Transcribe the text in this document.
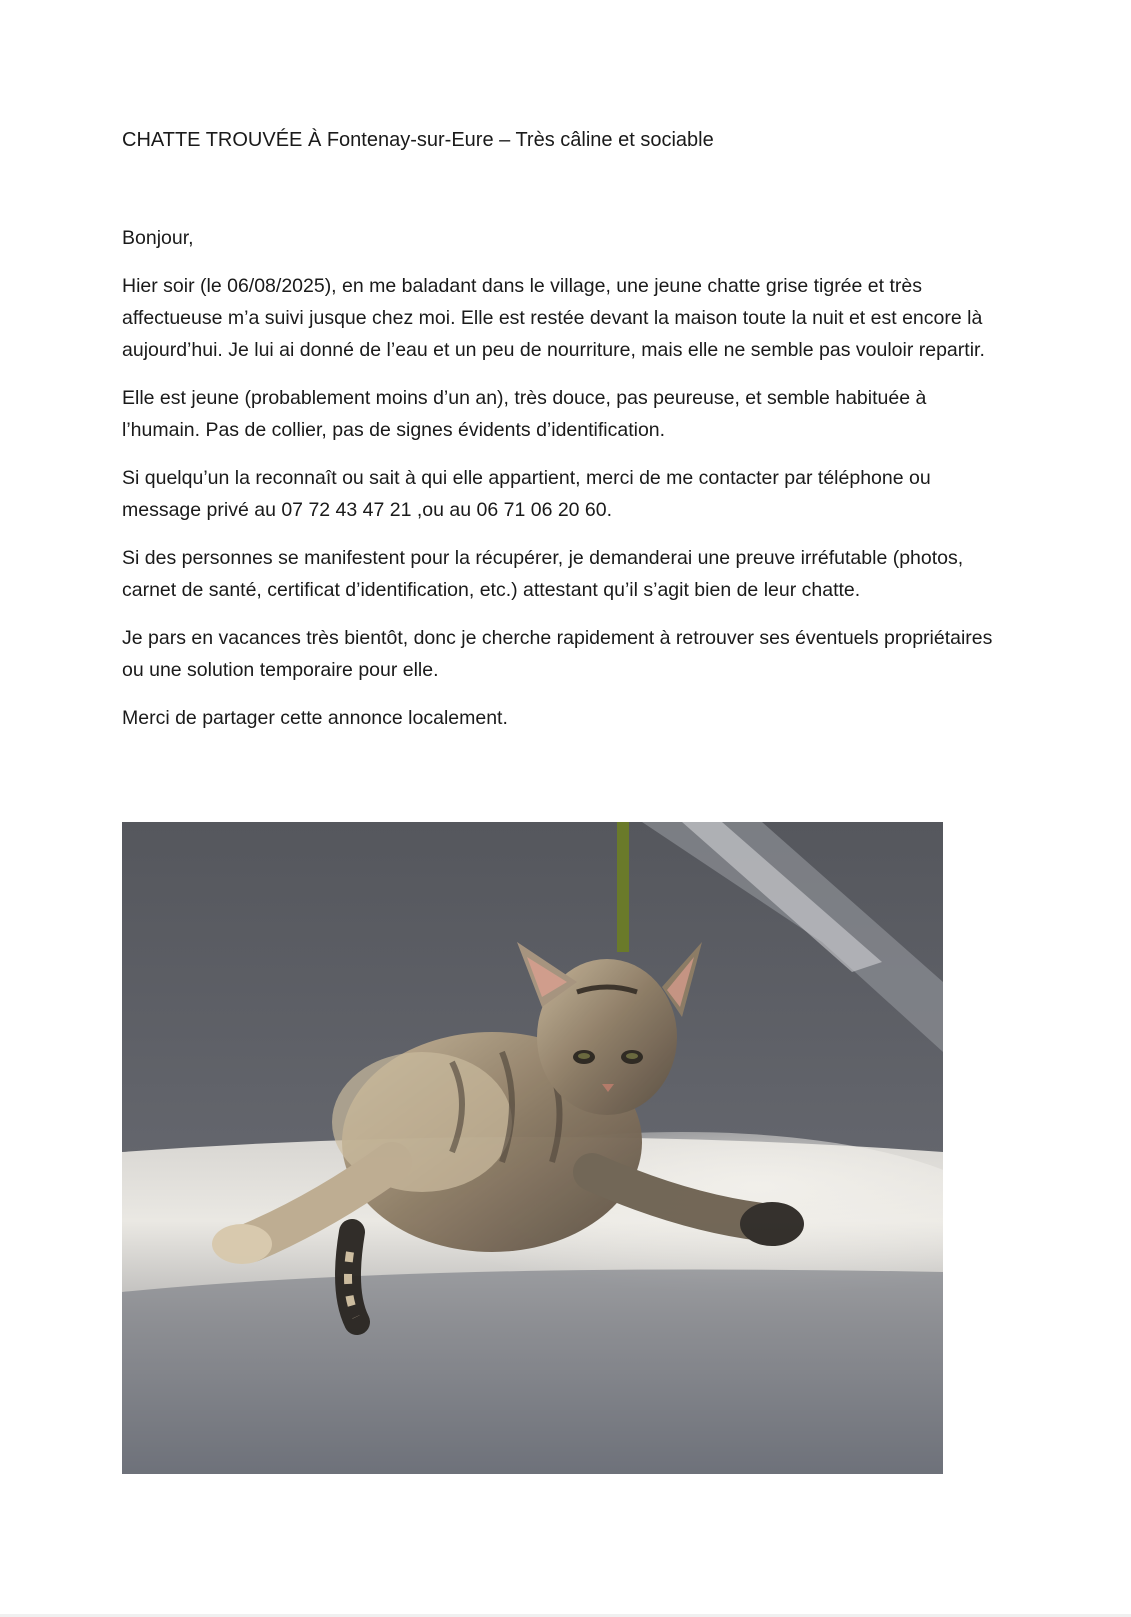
CHATTE TROUVÉE À Fontenay-sur-Eure – Très câline et sociable

Bonjour,

Hier soir (le 06/08/2025), en me baladant dans le village, une jeune chatte grise tigrée et très affectueuse m’a suivi jusque chez moi. Elle est restée devant la maison toute la nuit et est encore là aujourd’hui. Je lui ai donné de l’eau et un peu de nourriture, mais elle ne semble pas vouloir repartir.

Elle est jeune (probablement moins d’un an), très douce, pas peureuse, et semble habituée à l’humain. Pas de collier, pas de signes évidents d’identification.

Si quelqu’un la reconnaît ou sait à qui elle appartient, merci de me contacter par téléphone ou message privé au 07 72 43 47 21 ,ou au 06 71 06 20 60.

Si des personnes se manifestent pour la récupérer, je demanderai une preuve irréfutable (photos, carnet de santé, certificat d’identification, etc.) attestant qu’il s’agit bien de leur chatte.

Je pars en vacances très bientôt, donc je cherche rapidement à retrouver ses éventuels propriétaires ou une solution temporaire pour elle.

Merci de partager cette annonce localement.
